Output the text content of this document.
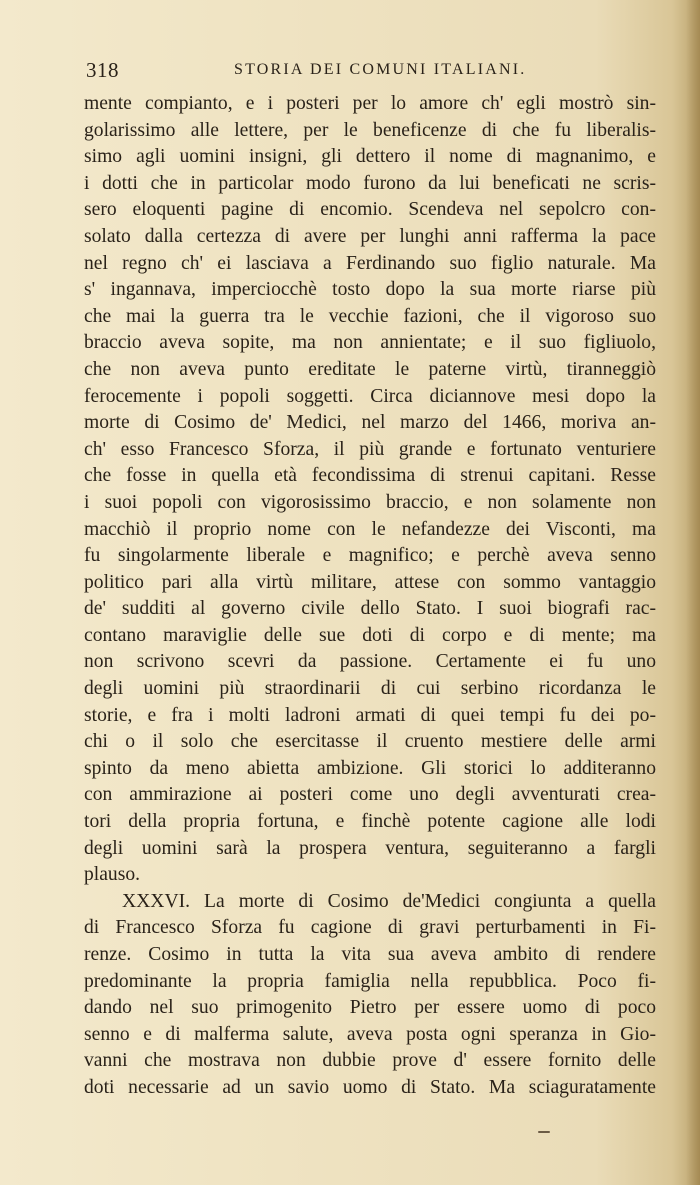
318	STORIA DEI COMUNI ITALIANI.
mente compianto, e i posteri per lo amore ch' egli mostrò sin-
golarissimo alle lettere, per le beneficenze di che fu liberalis-
simo agli uomini insigni, gli dettero il nome di magnanimo, e
i dotti che in particolar modo furono da lui beneficati ne scris-
sero eloquenti pagine di encomio. Scendeva nel sepolcro con-
solato dalla certezza di avere per lunghi anni rafferma la pace
nel regno ch' ei lasciava a Ferdinando suo figlio naturale. Ma
s' ingannava, imperciocchè tosto dopo la sua morte riarse più
che mai la guerra tra le vecchie fazioni, che il vigoroso suo
braccio aveva sopite, ma non annientate; e il suo figliuolo,
che non aveva punto ereditate le paterne virtù, tiranneggiò
ferocemente i popoli soggetti. Circa diciannove mesi dopo la
morte di Cosimo de' Medici, nel marzo del 1466, moriva an-
ch' esso Francesco Sforza, il più grande e fortunato venturiere
che fosse in quella età fecondissima di strenui capitani. Resse
i suoi popoli con vigorosissimo braccio, e non solamente non
macchiò il proprio nome con le nefandezze dei Visconti, ma
fu singolarmente liberale e magnifico; e perchè aveva senno
politico pari alla virtù militare, attese con sommo vantaggio
de' sudditi al governo civile dello Stato. I suoi biografi rac-
contano maraviglie delle sue doti di corpo e di mente; ma
non scrivono scevri da passione. Certamente ei fu uno
degli uomini più straordinarii di cui serbino ricordanza le
storie, e fra i molti ladroni armati di quei tempi fu dei po-
chi o il solo che esercitasse il cruento mestiere delle armi
spinto da meno abietta ambizione. Gli storici lo additeranno
con ammirazione ai posteri come uno degli avventurati crea-
tori della propria fortuna, e finchè potente cagione alle lodi
degli uomini sarà la prospera ventura, seguiteranno a fargli
plauso.
XXXVI. La morte di Cosimo de'Medici congiunta a quella
di Francesco Sforza fu cagione di gravi perturbamenti in Fi-
renze. Cosimo in tutta la vita sua aveva ambito di rendere
predominante la propria famiglia nella repubblica. Poco fi-
dando nel suo primogenito Pietro per essere uomo di poco
senno e di malferma salute, aveva posta ogni speranza in Gio-
vanni che mostrava non dubbie prove d' essere fornito delle
doti necessarie ad un savio uomo di Stato. Ma sciaguratamente
